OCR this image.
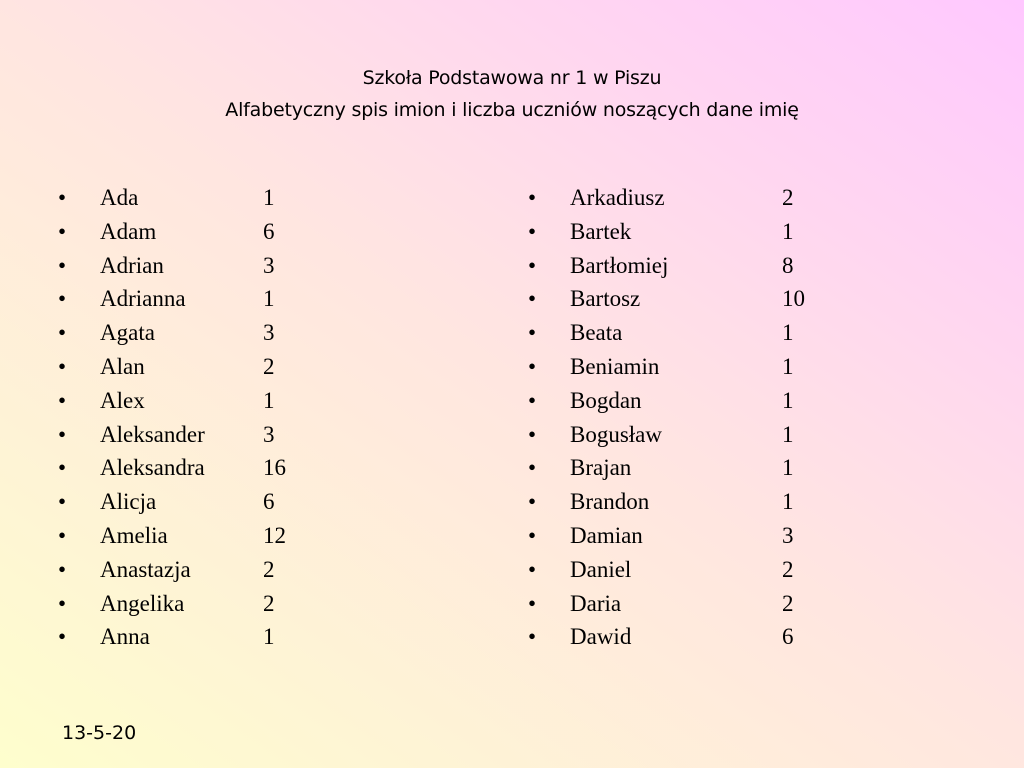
Szkoła Podstawowa nr 1 w Piszu
Alfabetyczny spis imion i liczba uczniów noszących dane imię
• Ada	1
• Adam	6
• Adrian	3
• Adrianna	1
• Agata	3
• Alan	2
• Alex	1
• Aleksander	3
• Aleksandra	16
• Alicja	6
• Amelia	12
• Anastazja	2
• Angelika	2
• Anna	1
• Arkadiusz	2
• Bartek	1
• Bartłomiej	8
• Bartosz	10
• Beata	1
• Beniamin	1
• Bogdan	1
• Bogusław	1
• Brajan	1
• Brandon	1
• Damian	3
• Daniel	2
• Daria	2
• Dawid	6
13-5-20
